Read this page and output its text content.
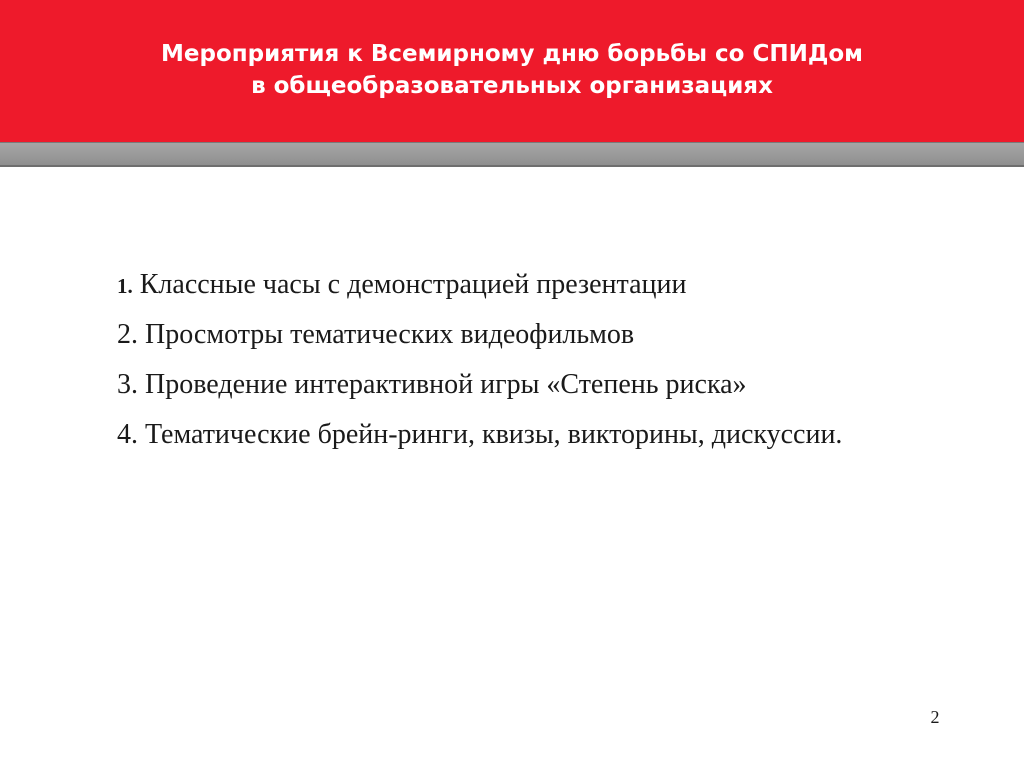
Мероприятия к Всемирному дню борьбы со СПИДом
в общеобразовательных организациях
1. Классные часы с демонстрацией презентации
2. Просмотры тематических видеофильмов
3. Проведение интерактивной игры «Степень риска»
4. Тематические брейн-ринги, квизы, викторины, дискуссии.
2
